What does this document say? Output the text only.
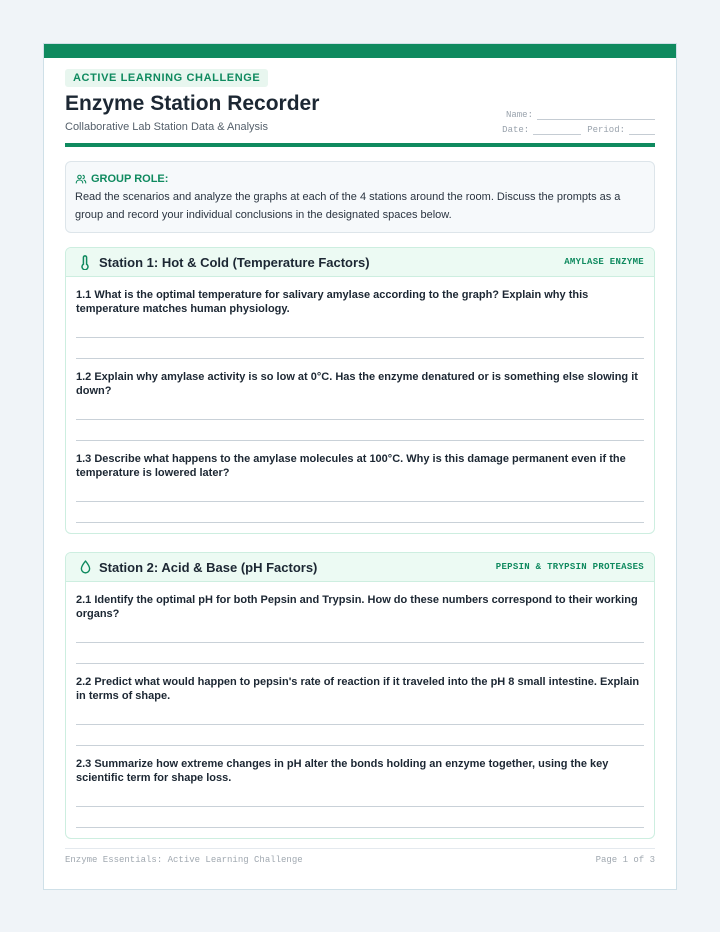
ACTIVE LEARNING CHALLENGE
Enzyme Station Recorder
Collaborative Lab Station Data & Analysis
Name:
Date:	Period:
GROUP ROLE:
Read the scenarios and analyze the graphs at each of the 4 stations around the room. Discuss the prompts as a group and record your individual conclusions in the designated spaces below.
Station 1: Hot & Cold (Temperature Factors)	AMYLASE ENZYME
1.1 What is the optimal temperature for salivary amylase according to the graph? Explain why this temperature matches human physiology.
1.2 Explain why amylase activity is so low at 0°C. Has the enzyme denatured or is something else slowing it down?
1.3 Describe what happens to the amylase molecules at 100°C. Why is this damage permanent even if the temperature is lowered later?
Station 2: Acid & Base (pH Factors)	PEPSIN & TRYPSIN PROTEASES
2.1 Identify the optimal pH for both Pepsin and Trypsin. How do these numbers correspond to their working organs?
2.2 Predict what would happen to pepsin's rate of reaction if it traveled into the pH 8 small intestine. Explain in terms of shape.
2.3 Summarize how extreme changes in pH alter the bonds holding an enzyme together, using the key scientific term for shape loss.
Enzyme Essentials: Active Learning Challenge	Page 1 of 3
